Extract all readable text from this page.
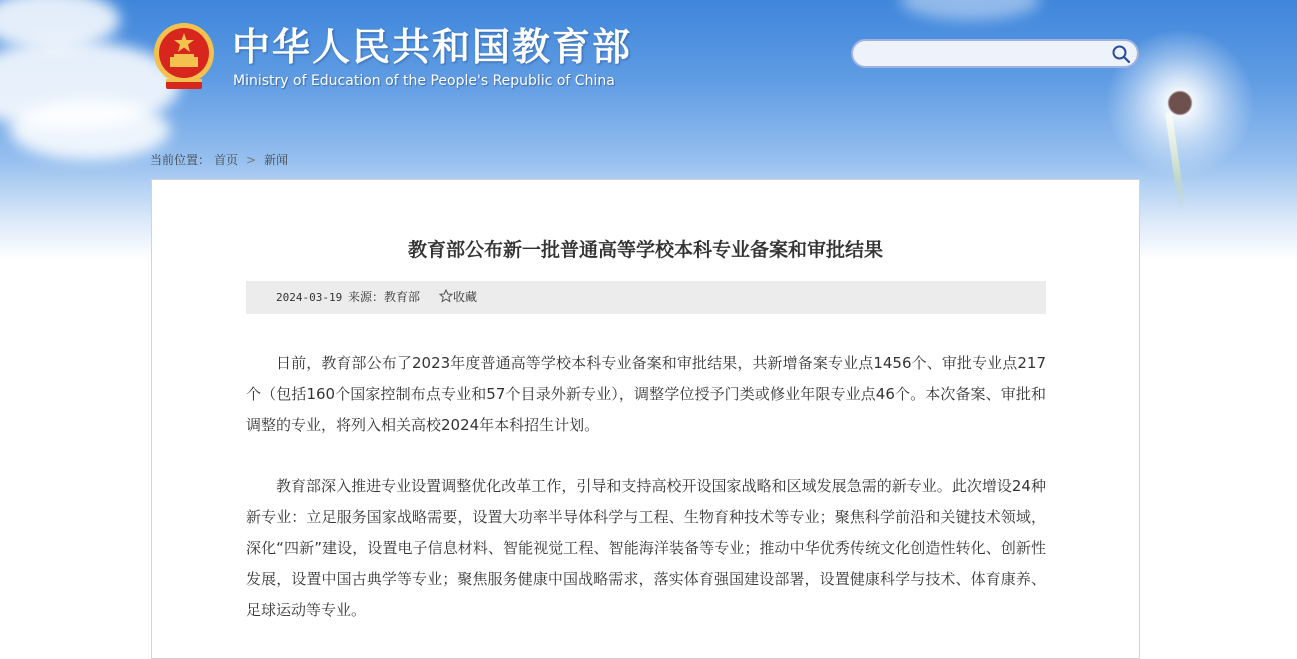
中华人民共和国教育部
Ministry of Education of the People's Republic of China
当前位置： 首页 > 新闻
教育部公布新一批普通高等学校本科专业备案和审批结果
2024-03-19 来源：教育部	收藏

日前，教育部公布了2023年度普通高等学校本科专业备案和审批结果，共新增备案专业点1456个、审批专业点217个（包括160个国家控制布点专业和57个目录外新专业），调整学位授予门类或修业年限专业点46个。本次备案、审批和调整的专业，将列入相关高校2024年本科招生计划。

教育部深入推进专业设置调整优化改革工作，引导和支持高校开设国家战略和区域发展急需的新专业。此次增设24种新专业：立足服务国家战略需要，设置大功率半导体科学与工程、生物育种技术等专业；聚焦科学前沿和关键技术领域，深化“四新”建设，设置电子信息材料、智能视觉工程、智能海洋装备等专业；推动中华优秀传统文化创造性转化、创新性发展，设置中国古典学等专业；聚焦服务健康中国战略需求，落实体育强国建设部署，设置健康科学与技术、体育康养、足球运动等专业。
